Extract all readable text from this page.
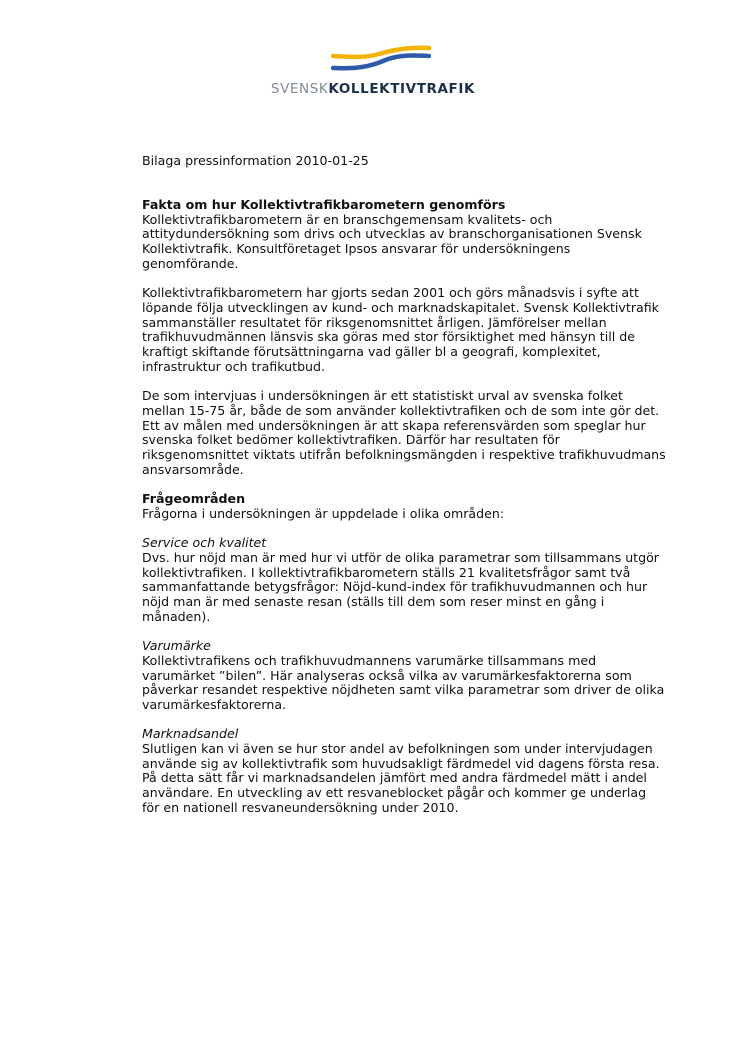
SVENSKKOLLEKTIVTRAFIK

Bilaga pressinformation 2010-01-25

Fakta om hur Kollektivtrafikbarometern genomförs
Kollektivtrafikbarometern är en branschgemensam kvalitets- och
attitydundersökning som drivs och utvecklas av branschorganisationen Svensk
Kollektivtrafik. Konsultföretaget Ipsos ansvarar för undersökningens
genomförande.

Kollektivtrafikbarometern har gjorts sedan 2001 och görs månadsvis i syfte att
löpande följa utvecklingen av kund- och marknadskapitalet. Svensk Kollektivtrafik
sammanställer resultatet för riksgenomsnittet årligen. Jämförelser mellan
trafikhuvudmännen länsvis ska göras med stor försiktighet med hänsyn till de
kraftigt skiftande förutsättningarna vad gäller bl a geografi, komplexitet,
infrastruktur och trafikutbud.

De som intervjuas i undersökningen är ett statistiskt urval av svenska folket
mellan 15-75 år, både de som använder kollektivtrafiken och de som inte gör det.
Ett av målen med undersökningen är att skapa referensvärden som speglar hur
svenska folket bedömer kollektivtrafiken. Därför har resultaten för
riksgenomsnittet viktats utifrån befolkningsmängden i respektive trafikhuvudmans
ansvarsområde.

Frågeområden
Frågorna i undersökningen är uppdelade i olika områden:

Service och kvalitet
Dvs. hur nöjd man är med hur vi utför de olika parametrar som tillsammans utgör
kollektivtrafiken. I kollektivtrafikbarometern ställs 21 kvalitetsfrågor samt två
sammanfattande betygsfrågor: Nöjd-kund-index för trafikhuvudmannen och hur
nöjd man är med senaste resan (ställs till dem som reser minst en gång i
månaden).

Varumärke
Kollektivtrafikens och trafikhuvudmannens varumärke tillsammans med
varumärket ”bilen”. Här analyseras också vilka av varumärkesfaktorerna som
påverkar resandet respektive nöjdheten samt vilka parametrar som driver de olika
varumärkesfaktorerna.

Marknadsandel
Slutligen kan vi även se hur stor andel av befolkningen som under intervjudagen
använde sig av kollektivtrafik som huvudsakligt färdmedel vid dagens första resa.
På detta sätt får vi marknadsandelen jämfört med andra färdmedel mätt i andel
användare. En utveckling av ett resvaneblocket pågår och kommer ge underlag
för en nationell resvaneundersökning under 2010.
